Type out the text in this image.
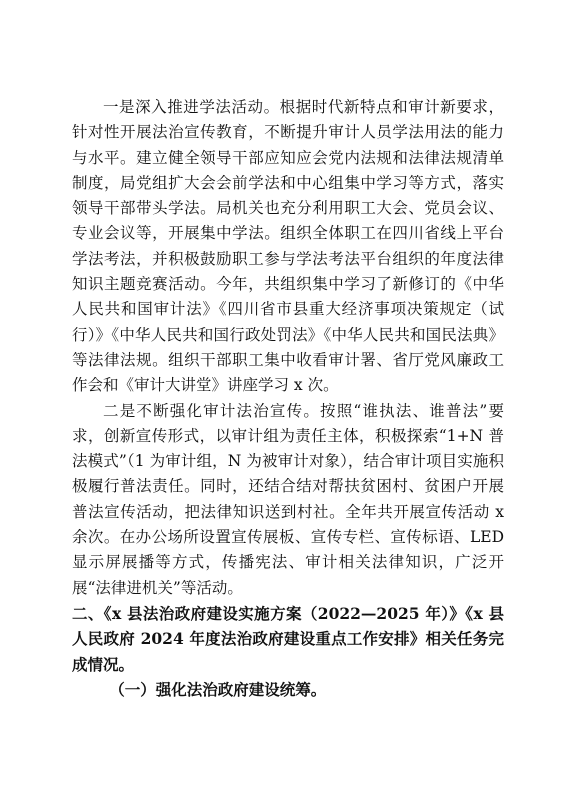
一是深入推进学法活动。根据时代新特点和审计新要求，针对性开展法治宣传教育，不断提升审计人员学法用法的能力与水平。建立健全领导干部应知应会党内法规和法律法规清单制度，局党组扩大会会前学法和中心组集中学习等方式，落实领导干部带头学法。局机关也充分利用职工大会、党员会议、专业会议等，开展集中学法。组织全体职工在四川省线上平台学法考法，并积极鼓励职工参与学法考法平台组织的年度法律知识主题竞赛活动。今年，共组织集中学习了新修订的《中华人民共和国审计法》《四川省市县重大经济事项决策规定（试行）》《中华人民共和国行政处罚法》《中华人民共和国民法典》等法律法规。组织干部职工集中收看审计署、省厅党风廉政工作会和《审计大讲堂》讲座学习 x 次。

二是不断强化审计法治宣传。按照“谁执法、谁普法”要求，创新宣传形式，以审计组为责任主体，积极探索“1+N 普法模式”（1 为审计组，N 为被审计对象），结合审计项目实施积极履行普法责任。同时，还结合结对帮扶贫困村、贫困户开展普法宣传活动，把法律知识送到村社。全年共开展宣传活动 x 余次。在办公场所设置宣传展板、宣传专栏、宣传标语、LED 显示屏展播等方式，传播宪法、审计相关法律知识，广泛开展“法律进机关”等活动。

二、《x 县法治政府建设实施方案（2022—2025 年）》《x 县人民政府 2024 年度法治政府建设重点工作安排》相关任务完成情况。

（一）强化法治政府建设统筹。
